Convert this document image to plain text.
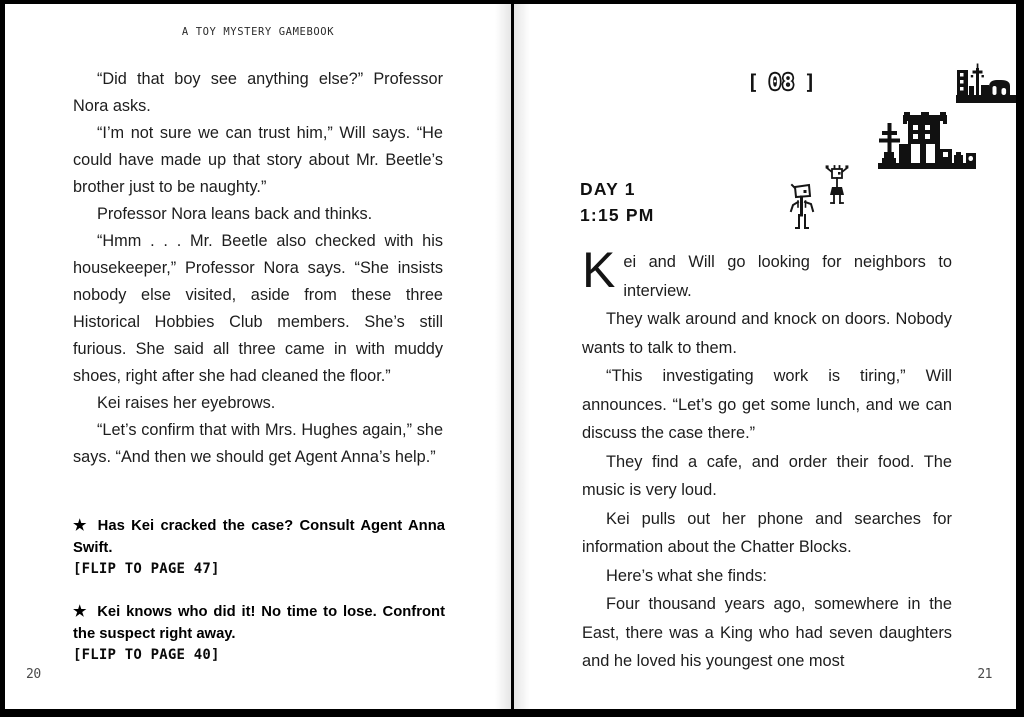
A TOY MYSTERY GAMEBOOK

“Did that boy see anything else?” Professor Nora asks.

“I’m not sure we can trust him,” Will says. “He could have made up that story about Mr. Beetle’s brother just to be naughty.”

Professor Nora leans back and thinks.

“Hmm . . . Mr. Beetle also checked with his housekeeper,” Professor Nora says. “She insists nobody else visited, aside from these three Historical Hobbies Club members. She’s still furious. She said all three came in with muddy shoes, right after she had cleaned the floor.”

Kei raises her eyebrows.

“Let’s confirm that with Mrs. Hughes again,” she says. “And then we should get Agent Anna’s help.”

★ Has Kei cracked the case? Consult Agent Anna Swift.

[FLIP TO PAGE 47]

★ Kei knows who did it! No time to lose. Confront the suspect right away.

[FLIP TO PAGE 40]

20
[ 08 ]
DAY 1
1:15 PM

Kei and Will go looking for neighbors to interview.

They walk around and knock on doors. Nobody wants to talk to them.

“This investigating work is tiring,” Will announces. “Let’s go get some lunch, and we can discuss the case there.”

They find a cafe, and order their food. The music is very loud.

Kei pulls out her phone and searches for information about the Chatter Blocks.

Here’s what she finds:

Four thousand years ago, somewhere in the East, there was a King who had seven daughters and he loved his youngest one most

21
